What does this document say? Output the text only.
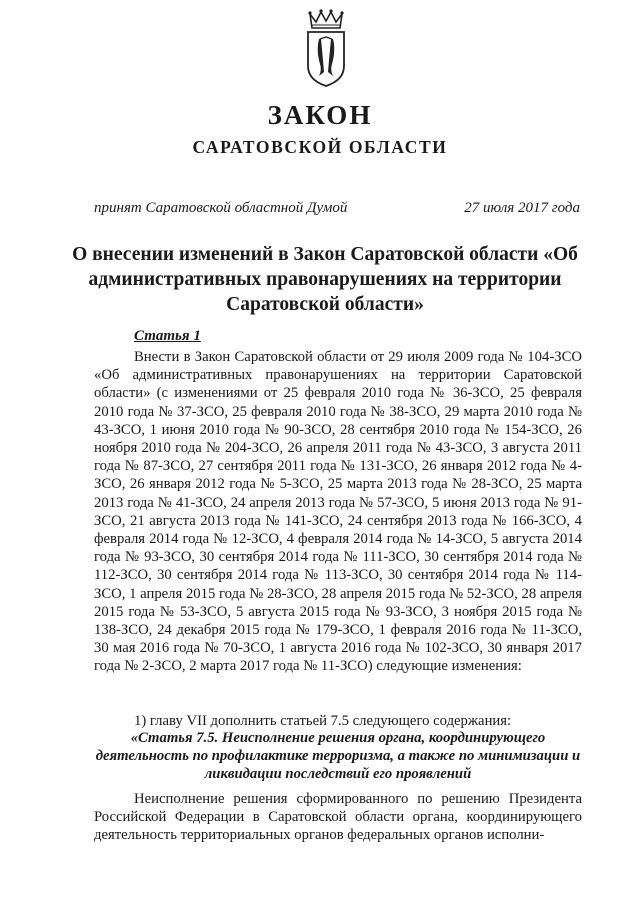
ЗАКОН
САРАТОВСКОЙ ОБЛАСТИ
принят Саратовской областной Думой	27 июля 2017 года
О внесении изменений в Закон Саратовской области «Об административных правонарушениях на территории Саратовской области»
Статья 1

Внести в Закон Саратовской области от 29 июля 2009 года № 104-ЗСО «Об административных правонарушениях на территории Саратовской области» (с изменениями от 25 февраля 2010 года № 36-ЗСО, 25 февраля 2010 года № 37-ЗСО, 25 февраля 2010 года № 38-ЗСО, 29 марта 2010 года № 43-ЗСО, 1 июня 2010 года № 90-ЗСО, 28 сентября 2010 года № 154-ЗСО, 26 ноября 2010 года № 204-ЗСО, 26 апреля 2011 года № 43-ЗСО, 3 августа 2011 года № 87-ЗСО, 27 сентября 2011 года № 131-ЗСО, 26 января 2012 года № 4-ЗСО, 26 января 2012 года № 5-ЗСО, 25 марта 2013 года № 28-ЗСО, 25 марта 2013 года № 41-ЗСО, 24 апреля 2013 года № 57-ЗСО, 5 июня 2013 года № 91-ЗСО, 21 августа 2013 года № 141-ЗСО, 24 сентября 2013 года № 166-ЗСО, 4 февраля 2014 года № 12-ЗСО, 4 февраля 2014 года № 14-ЗСО, 5 августа 2014 года № 93-ЗСО, 30 сентября 2014 года № 111-ЗСО, 30 сентября 2014 года № 112-ЗСО, 30 сентября 2014 года № 113-ЗСО, 30 сентября 2014 года № 114-ЗСО, 1 апреля 2015 года № 28-ЗСО, 28 апреля 2015 года № 52-ЗСО, 28 апреля 2015 года № 53-ЗСО, 5 августа 2015 года № 93-ЗСО, 3 ноября 2015 года № 138-ЗСО, 24 декабря 2015 года № 179-ЗСО, 1 февраля 2016 года № 11-ЗСО, 30 мая 2016 года № 70-ЗСО, 1 августа 2016 года № 102-ЗСО, 30 января 2017 года № 2-ЗСО, 2 марта 2017 года № 11-ЗСО) следующие изменения:

1) главу VII дополнить статьей 7.5 следующего содержания:

«Статья 7.5. Неисполнение решения органа, координирующего деятельность по профилактике терроризма, а также по минимизации и ликвидации последствий его проявлений

Неисполнение решения сформированного по решению Президента Российской Федерации в Саратовской области органа, координирующего деятельность территориальных органов федеральных органов исполни-
